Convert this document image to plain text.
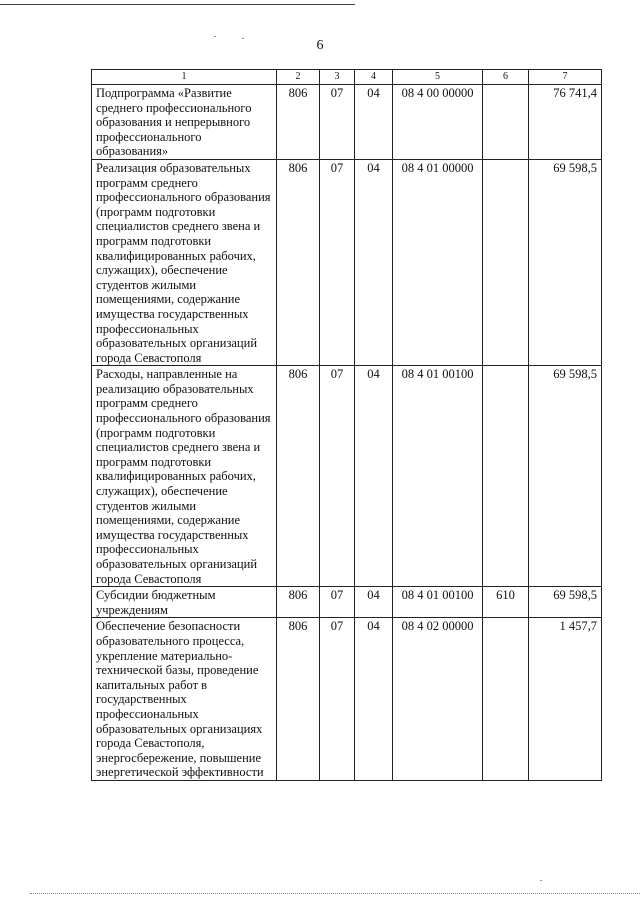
6
1	2	3	4	5	6	7
Подпрограмма «Развитие среднего профессионального образования и непрерывного профессионального образования»	806	07	04	08 4 00 00000		76 741,4
Реализация образовательных программ среднего профессионального образования (программ подготовки специалистов среднего звена и программ подготовки квалифицированных рабочих, служащих), обеспечение студентов жилыми помещениями, содержание имущества государственных профессиональных образовательных организаций города Севастополя	806	07	04	08 4 01 00000		69 598,5
Расходы, направленные на реализацию образовательных программ среднего профессионального образования (программ подготовки специалистов среднего звена и программ подготовки квалифицированных рабочих, служащих), обеспечение студентов жилыми помещениями, содержание имущества государственных профессиональных образовательных организаций города Севастополя	806	07	04	08 4 01 00100		69 598,5
Субсидии бюджетным учреждениям	806	07	04	08 4 01 00100	610	69 598,5
Обеспечение безопасности образовательного процесса, укрепление материально-технической базы, проведение капитальных работ в государственных профессиональных образовательных организациях города Севастополя, энергосбережение, повышение энергетической эффективности	806	07	04	08 4 02 00000		1 457,7
